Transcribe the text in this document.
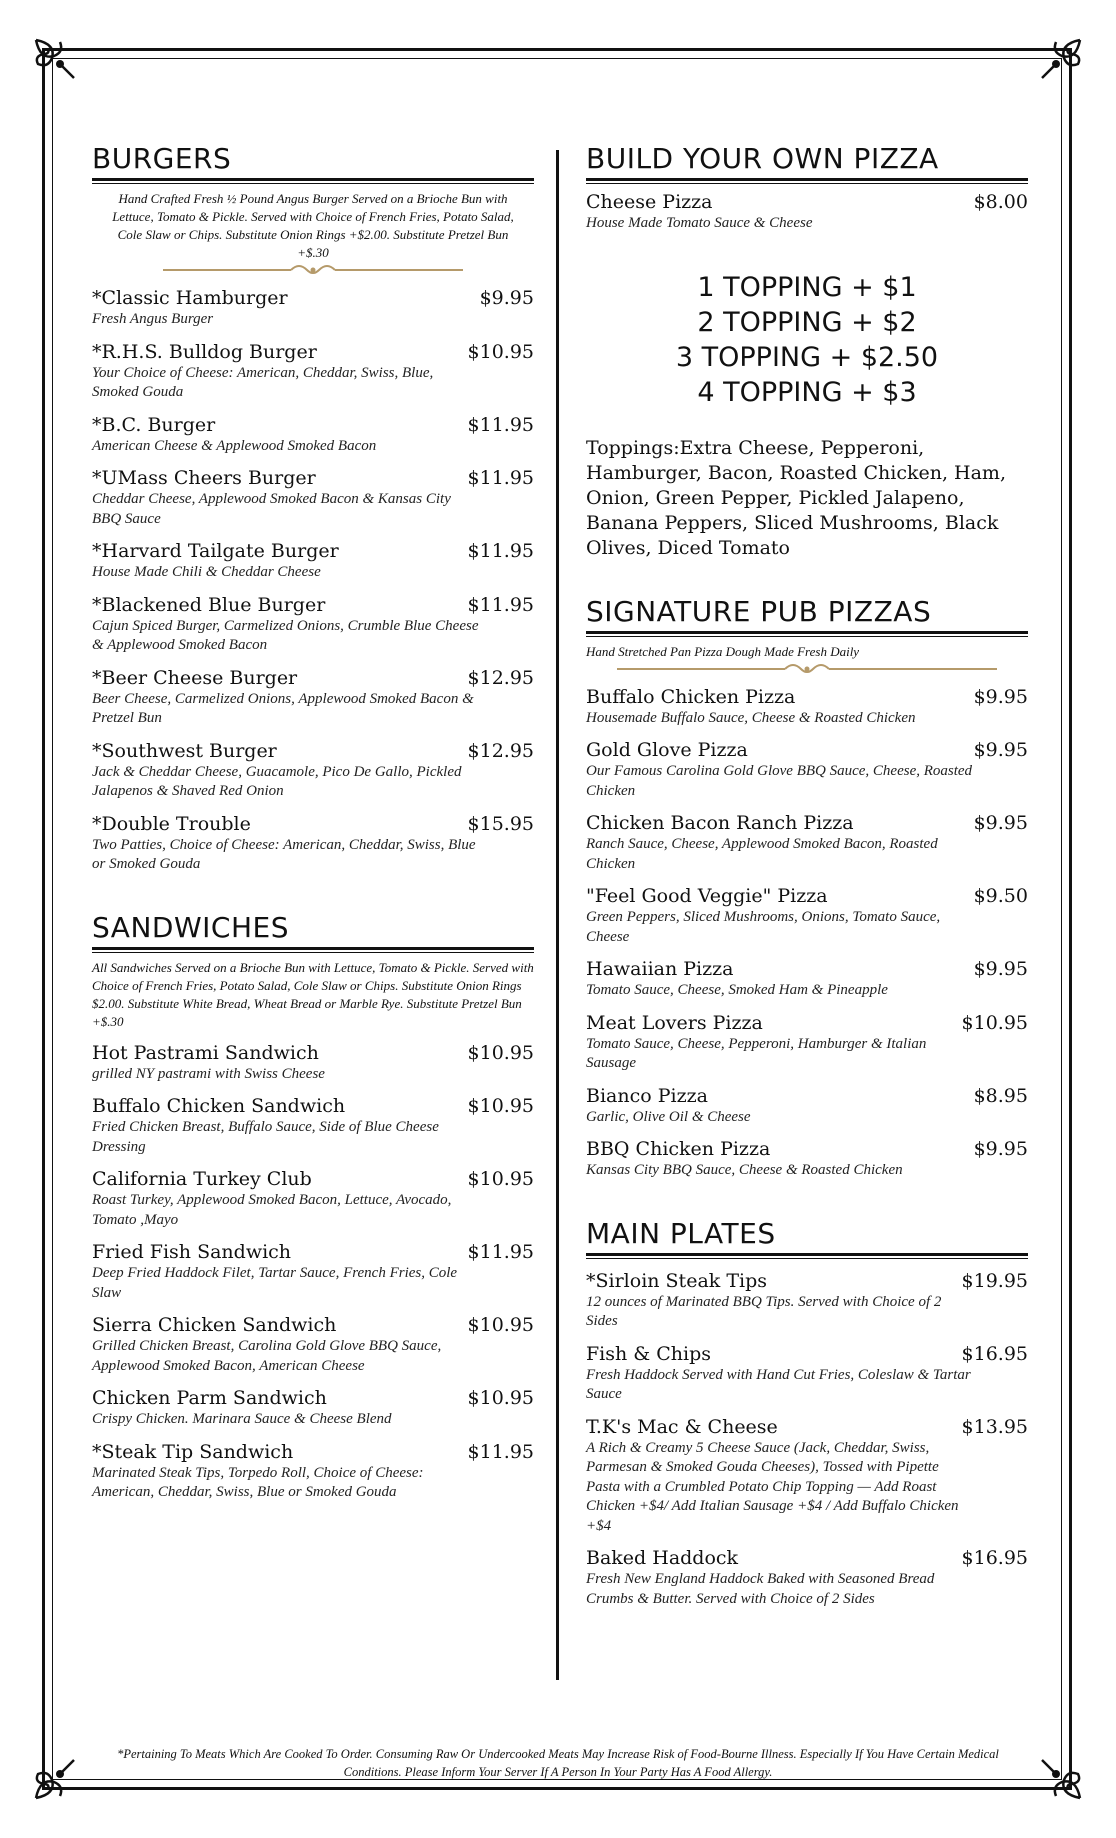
BURGERS

Hand Crafted Fresh ½ Pound Angus Burger Served on a Brioche Bun with Lettuce, Tomato & Pickle. Served with Choice of French Fries, Potato Salad, Cole Slaw or Chips. Substitute Onion Rings +$2.00. Substitute Pretzel Bun +$.30

*Classic Hamburger	$9.95
Fresh Angus Burger
*R.H.S. Bulldog Burger	$10.95
Your Choice of Cheese: American, Cheddar, Swiss, Blue, Smoked Gouda
*B.C. Burger	$11.95
American Cheese & Applewood Smoked Bacon
*UMass Cheers Burger	$11.95
Cheddar Cheese, Applewood Smoked Bacon & Kansas City BBQ Sauce
*Harvard Tailgate Burger	$11.95
House Made Chili & Cheddar Cheese
*Blackened Blue Burger	$11.95
Cajun Spiced Burger, Carmelized Onions, Crumble Blue Cheese & Applewood Smoked Bacon
*Beer Cheese Burger	$12.95
Beer Cheese, Carmelized Onions, Applewood Smoked Bacon & Pretzel Bun
*Southwest Burger	$12.95
Jack & Cheddar Cheese, Guacamole, Pico De Gallo, Pickled Jalapenos & Shaved Red Onion
*Double Trouble	$15.95
Two Patties, Choice of Cheese: American, Cheddar, Swiss, Blue or Smoked Gouda
SANDWICHES

All Sandwiches Served on a Brioche Bun with Lettuce, Tomato & Pickle. Served with Choice of French Fries, Potato Salad, Cole Slaw or Chips. Substitute Onion Rings $2.00. Substitute White Bread, Wheat Bread or Marble Rye. Substitute Pretzel Bun +$.30

Hot Pastrami Sandwich	$10.95
grilled NY pastrami with Swiss Cheese
Buffalo Chicken Sandwich	$10.95
Fried Chicken Breast, Buffalo Sauce, Side of Blue Cheese Dressing
California Turkey Club	$10.95
Roast Turkey, Applewood Smoked Bacon, Lettuce, Avocado, Tomato ,Mayo
Fried Fish Sandwich	$11.95
Deep Fried Haddock Filet, Tartar Sauce, French Fries, Cole Slaw
Sierra Chicken Sandwich	$10.95
Grilled Chicken Breast, Carolina Gold Glove BBQ Sauce, Applewood Smoked Bacon, American Cheese
Chicken Parm Sandwich	$10.95
Crispy Chicken. Marinara Sauce & Cheese Blend
*Steak Tip Sandwich	$11.95
Marinated Steak Tips, Torpedo Roll, Choice of Cheese: American, Cheddar, Swiss, Blue or Smoked Gouda
BUILD YOUR OWN PIZZA
Cheese Pizza	$8.00
House Made Tomato Sauce & Cheese
1 TOPPING + $1
2 TOPPING + $2
3 TOPPING + $2.50
4 TOPPING + $3

Toppings:Extra Cheese, Pepperoni, Hamburger, Bacon, Roasted Chicken, Ham, Onion, Green Pepper, Pickled Jalapeno, Banana Peppers, Sliced Mushrooms, Black Olives, Diced Tomato

SIGNATURE PUB PIZZAS

Hand Stretched Pan Pizza Dough Made Fresh Daily

Buffalo Chicken Pizza	$9.95
Housemade Buffalo Sauce, Cheese & Roasted Chicken
Gold Glove Pizza	$9.95
Our Famous Carolina Gold Glove BBQ Sauce, Cheese, Roasted Chicken
Chicken Bacon Ranch Pizza	$9.95
Ranch Sauce, Cheese, Applewood Smoked Bacon, Roasted Chicken
"Feel Good Veggie" Pizza	$9.50
Green Peppers, Sliced Mushrooms, Onions, Tomato Sauce, Cheese
Hawaiian Pizza	$9.95
Tomato Sauce, Cheese, Smoked Ham & Pineapple
Meat Lovers Pizza	$10.95
Tomato Sauce, Cheese, Pepperoni, Hamburger & Italian Sausage
Bianco Pizza	$8.95
Garlic, Olive Oil & Cheese
BBQ Chicken Pizza	$9.95
Kansas City BBQ Sauce, Cheese & Roasted Chicken
MAIN PLATES
*Sirloin Steak Tips	$19.95
12 ounces of Marinated BBQ Tips. Served with Choice of 2 Sides
Fish & Chips	$16.95
Fresh Haddock Served with Hand Cut Fries, Coleslaw & Tartar Sauce
T.K's Mac & Cheese	$13.95
A Rich & Creamy 5 Cheese Sauce (Jack, Cheddar, Swiss, Parmesan & Smoked Gouda Cheeses), Tossed with Pipette Pasta with a Crumbled Potato Chip Topping — Add Roast Chicken +$4/ Add Italian Sausage +$4 / Add Buffalo Chicken +$4
Baked Haddock	$16.95
Fresh New England Haddock Baked with Seasoned Bread Crumbs & Butter. Served with Choice of 2 Sides

*Pertaining To Meats Which Are Cooked To Order. Consuming Raw Or Undercooked Meats May Increase Risk of Food-Bourne Illness. Especially If You Have Certain Medical Conditions. Please Inform Your Server If A Person In Your Party Has A Food Allergy.
